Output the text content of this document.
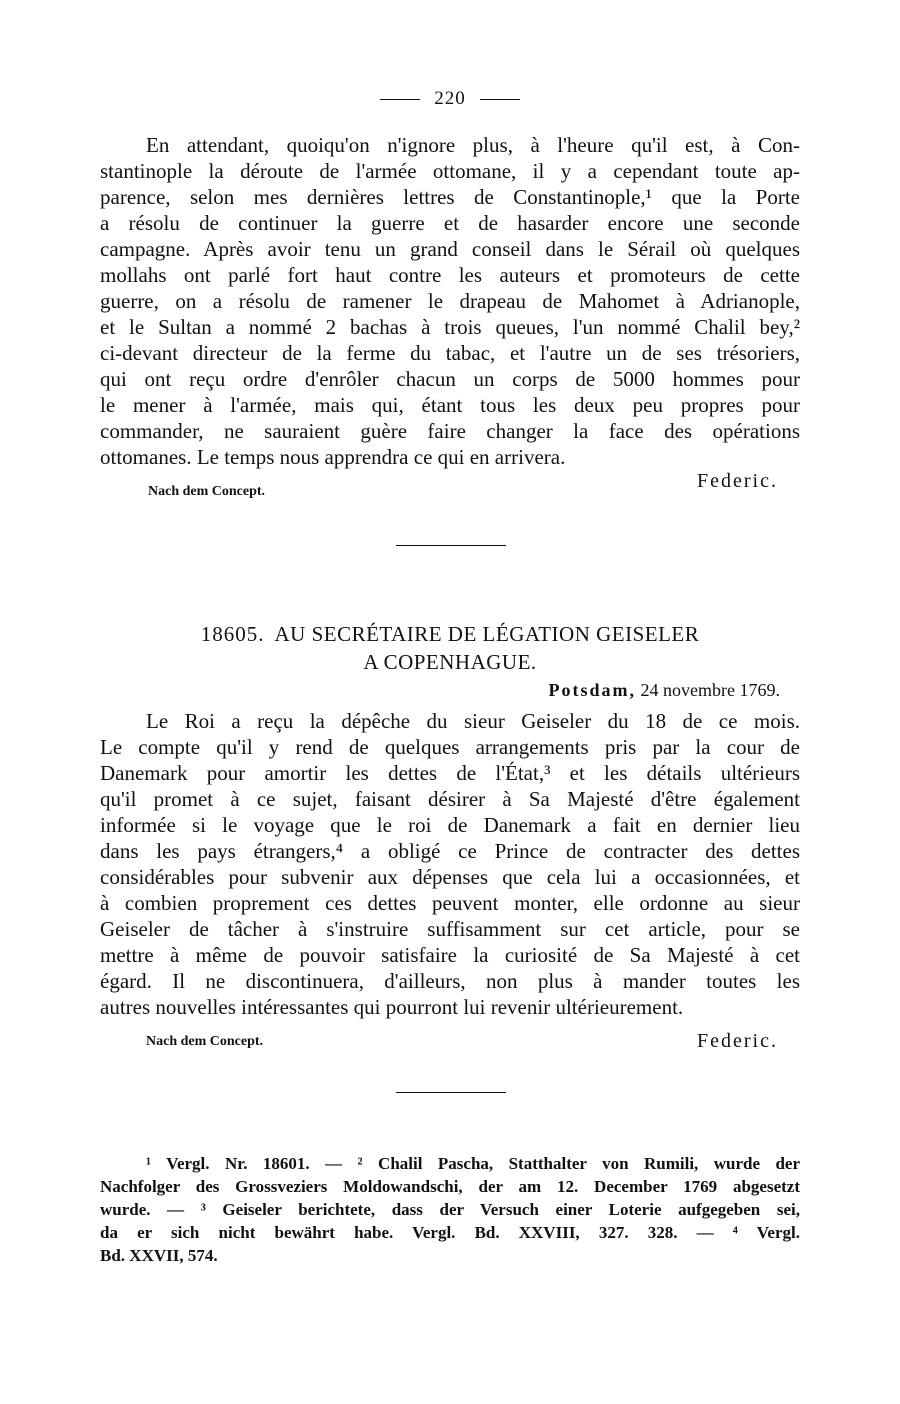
220
En attendant, quoiqu'on n'ignore plus, à l'heure qu'il est, à Con-
stantinople la déroute de l'armée ottomane, il y a cependant toute ap-
parence, selon mes dernières lettres de Constantinople,¹ que la Porte
a résolu de continuer la guerre et de hasarder encore une seconde
campagne. Après avoir tenu un grand conseil dans le Sérail où quelques
mollahs ont parlé fort haut contre les auteurs et promoteurs de cette
guerre, on a résolu de ramener le drapeau de Mahomet à Adrianople,
et le Sultan a nommé 2 bachas à trois queues, l'un nommé Chalil bey,²
ci-devant directeur de la ferme du tabac, et l'autre un de ses trésoriers,
qui ont reçu ordre d'enrôler chacun un corps de 5000 hommes pour
le mener à l'armée, mais qui, étant tous les deux peu propres pour
commander, ne sauraient guère faire changer la face des opérations
ottomanes. Le temps nous apprendra ce qui en arrivera.
Nach dem Concept.	Federic.
18605. AU SECRÉTAIRE DE LÉGATION GEISELER
A COPENHAGUE.
Potsdam, 24 novembre 1769.
Le Roi a reçu la dépêche du sieur Geiseler du 18 de ce mois.
Le compte qu'il y rend de quelques arrangements pris par la cour de
Danemark pour amortir les dettes de l'État,³ et les détails ultérieurs
qu'il promet à ce sujet, faisant désirer à Sa Majesté d'être également
informée si le voyage que le roi de Danemark a fait en dernier lieu
dans les pays étrangers,⁴ a obligé ce Prince de contracter des dettes
considérables pour subvenir aux dépenses que cela lui a occasionnées, et
à combien proprement ces dettes peuvent monter, elle ordonne au sieur
Geiseler de tâcher à s'instruire suffisamment sur cet article, pour se
mettre à même de pouvoir satisfaire la curiosité de Sa Majesté à cet
égard. Il ne discontinuera, d'ailleurs, non plus à mander toutes les
autres nouvelles intéressantes qui pourront lui revenir ultérieurement.
Nach dem Concept.	Federic.
¹ Vergl. Nr. 18601. — ² Chalil Pascha, Statthalter von Rumili, wurde der
Nachfolger des Grossveziers Moldowandschi, der am 12. December 1769 abgesetzt
wurde. — ³ Geiseler berichtete, dass der Versuch einer Loterie aufgegeben sei,
da er sich nicht bewährt habe. Vergl. Bd. XXVIII, 327. 328. — ⁴ Vergl.
Bd. XXVII, 574.
